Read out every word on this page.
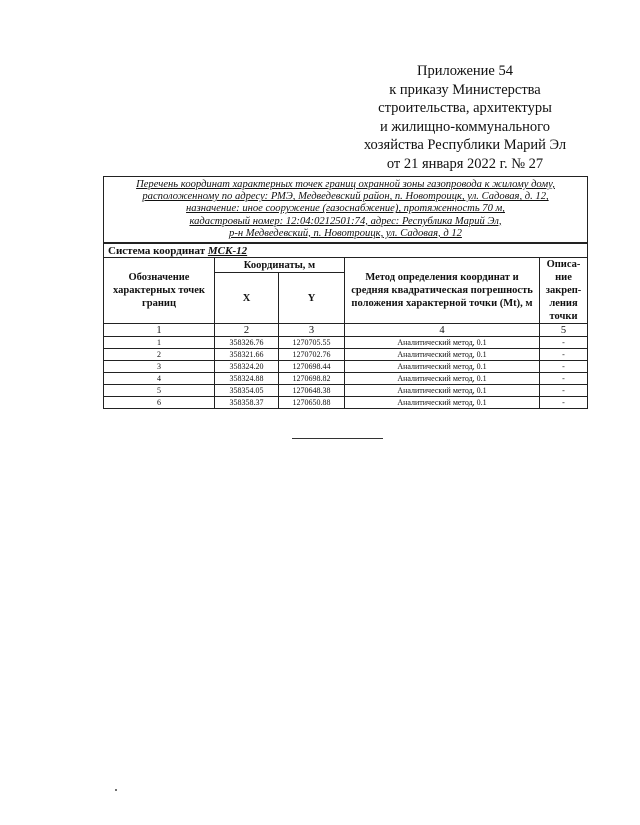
Приложение 54
к приказу Министерства
строительства, архитектуры
и жилищно-коммунального
хозяйства Республики Марий Эл
от 21 января 2022 г. № 27
Перечень координат характерных точек границ охранной зоны газопровода к жилому дому,
расположенному по адресу: РМЭ, Медведевский район, п. Новотроицк, ул. Садовая, д. 12,
назначение: иное сооружение (газоснабжение), протяженность 70 м,
кадастровый номер: 12:04:0212501:74, адрес: Республика Марий Эл,
р-н Медведевский, п. Новотроицк, ул. Садовая, д 12				

Система координат МСК-12				
Обозначение характерных точек границ	Координаты, м		Метод определения координат и средняя квадратическая погрешность положения характерной точки (Mt), м	Описа-ние закреп-ления точки
	X	Y		
1	2	3	4	5
1	358326.76	1270705.55	Аналитический метод, 0.1	-
2	358321.66	1270702.76	Аналитический метод, 0.1	-
3	358324.20	1270698.44	Аналитический метод, 0.1	-
4	358324.88	1270698.82	Аналитический метод, 0.1	-
5	358354.05	1270648.38	Аналитический метод, 0.1	-
6	358358.37	1270650.88	Аналитический метод, 0.1	-
